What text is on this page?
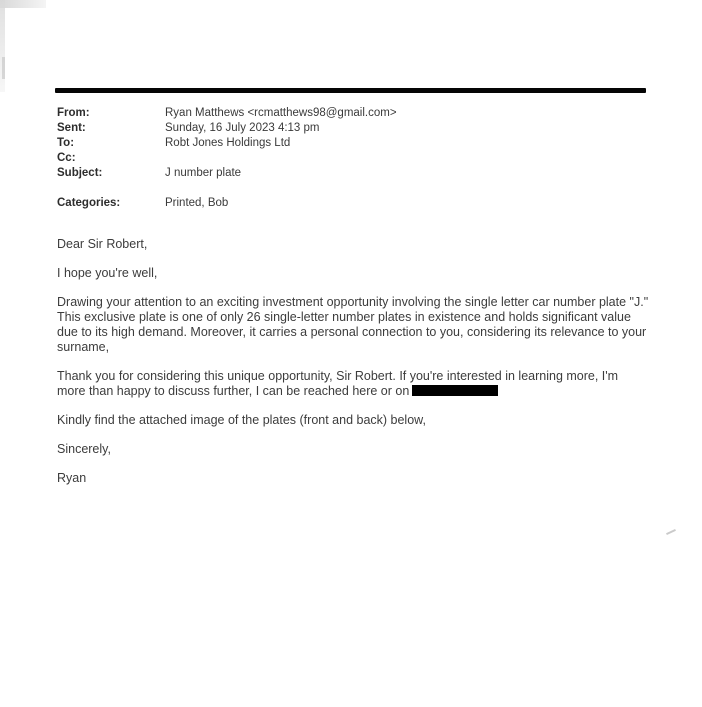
From:	Ryan Matthews <rcmatthews98@gmail.com>
Sent:	Sunday, 16 July 2023 4:13 pm
To:	Robt Jones Holdings Ltd
Cc:
Subject:	J number plate
Categories:	Printed, Bob

Dear Sir Robert,

I hope you're well,

Drawing your attention to an exciting investment opportunity involving the single letter car number plate "J." This exclusive plate is one of only 26 single-letter number plates in existence and holds significant value due to its high demand. Moreover, it carries a personal connection to you, considering its relevance to your surname,

Thank you for considering this unique opportunity, Sir Robert. If you're interested in learning more, I'm more than happy to discuss further, I can be reached here or on

Kindly find the attached image of the plates (front and back) below,

Sincerely,

Ryan
